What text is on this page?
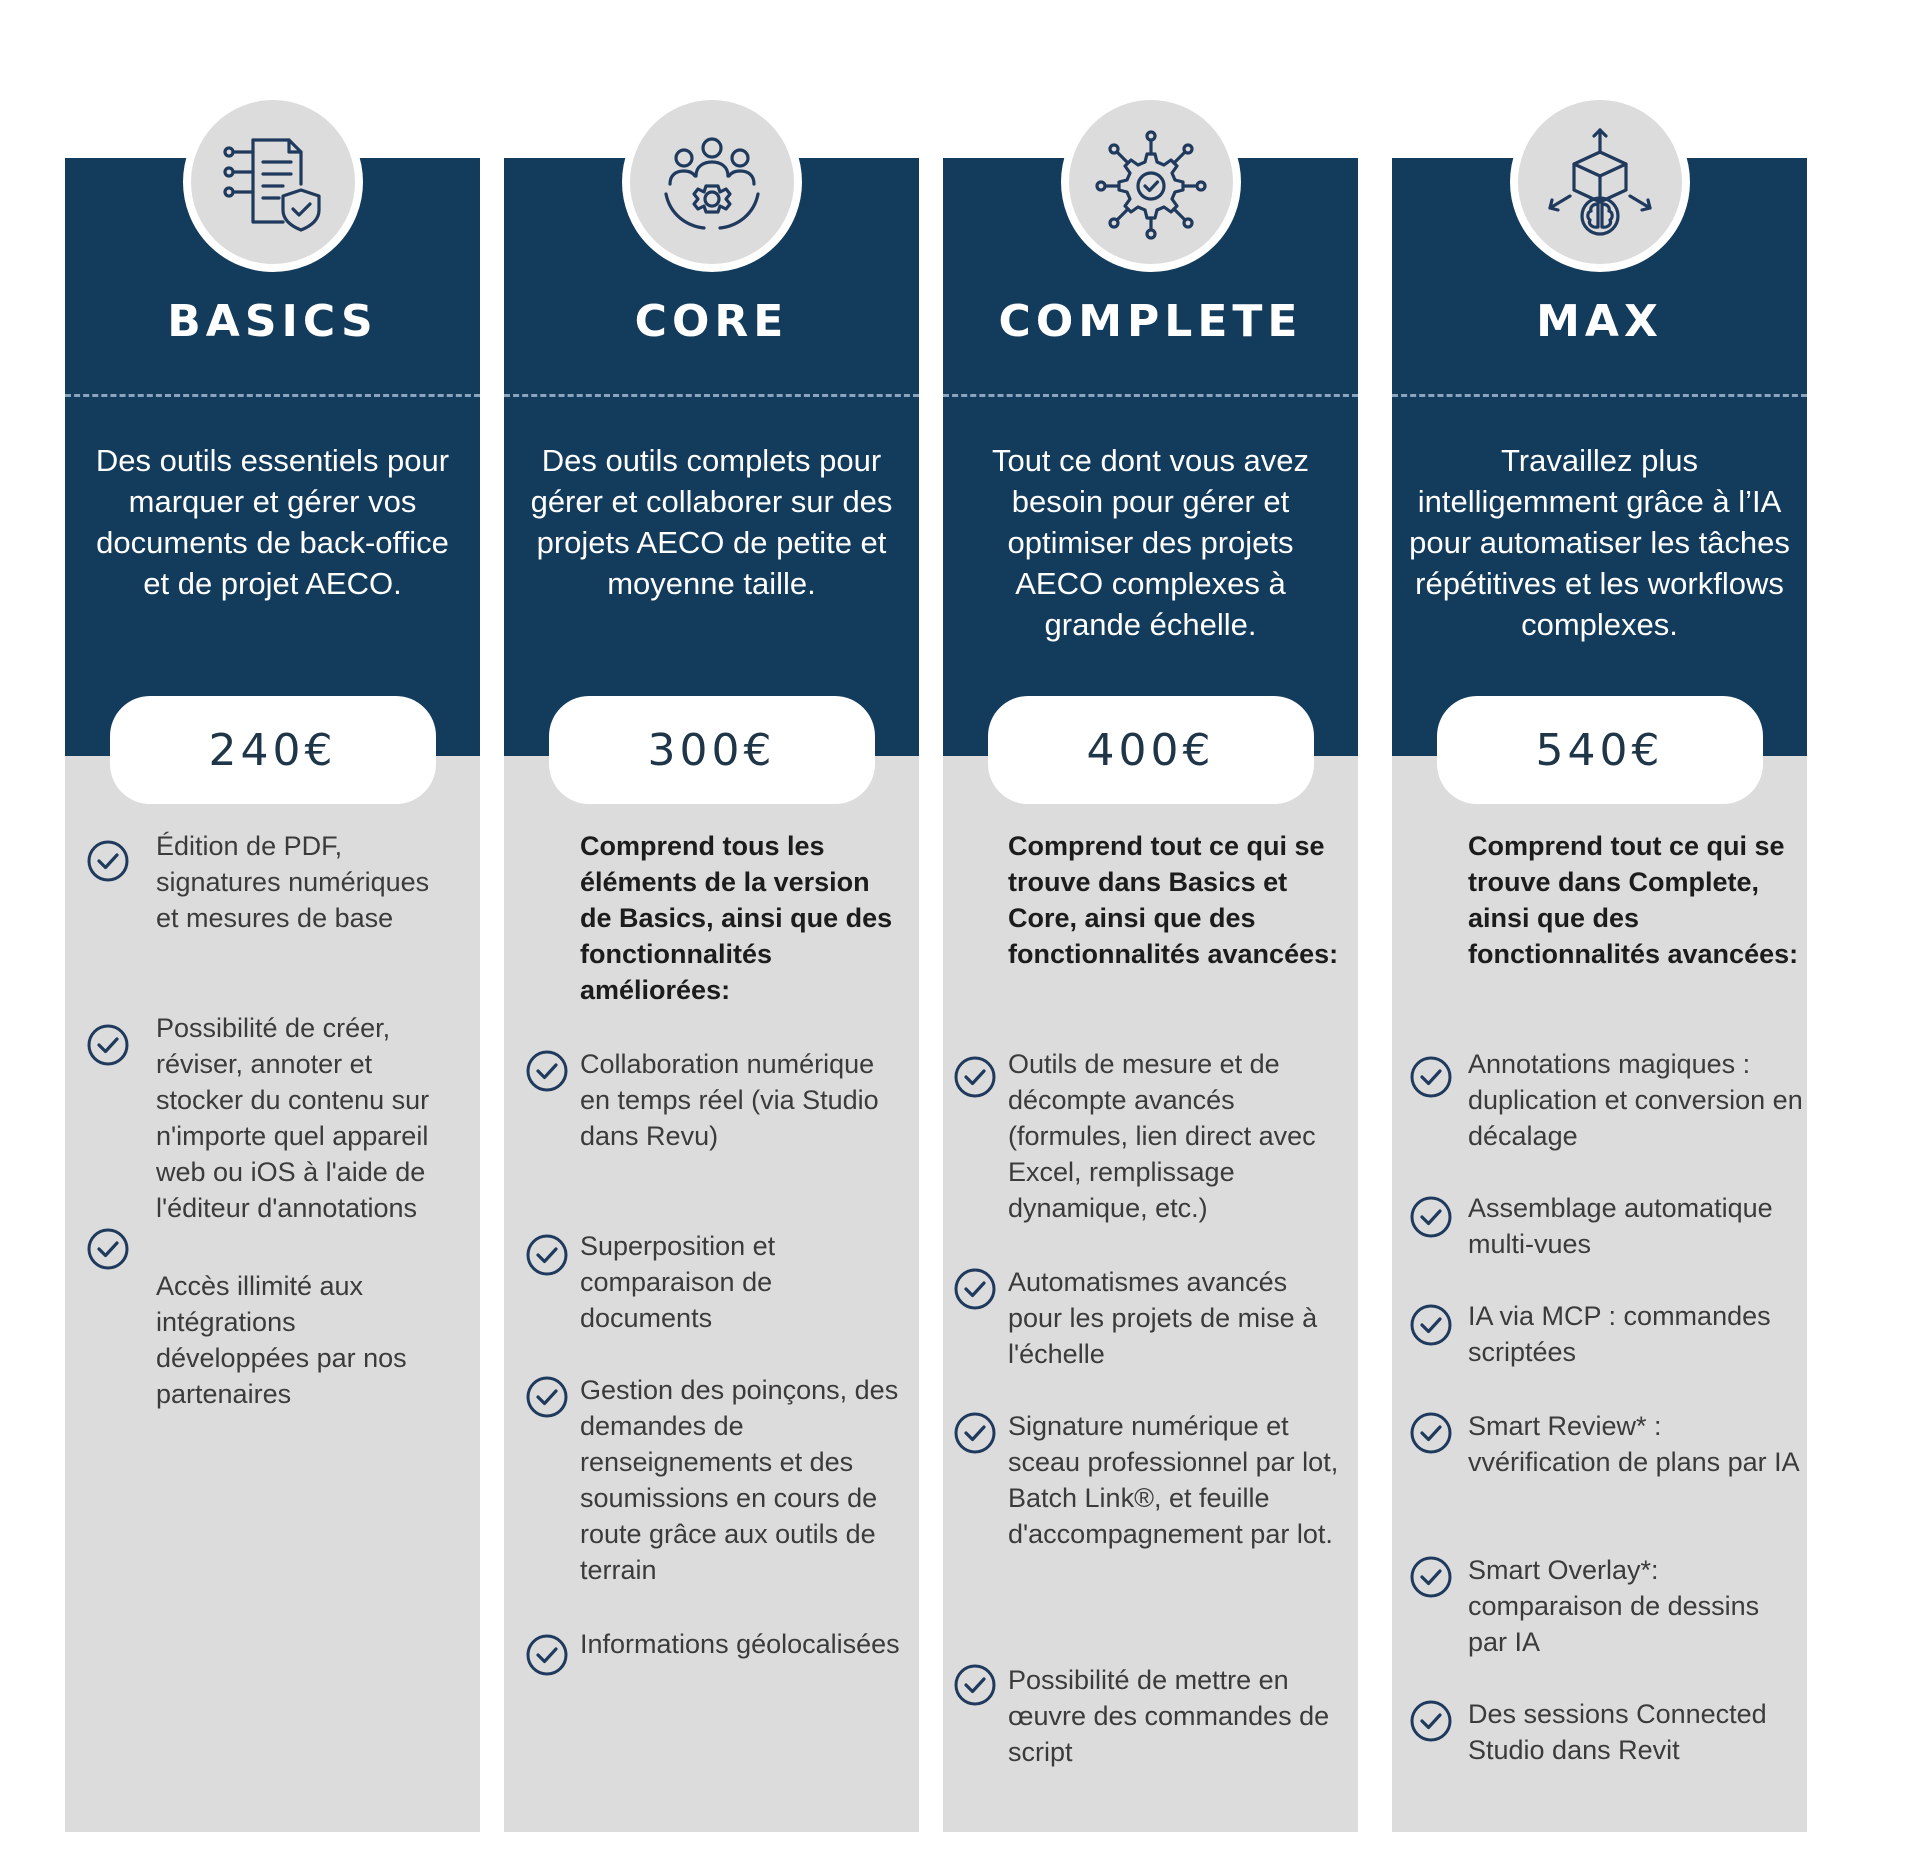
BASICS
Des outils essentiels pour marquer et gérer vos documents de back-office et de projet AECO.
240€
Édition de PDF, signatures numériques et mesures de base
Possibilité de créer, réviser, annoter et stocker du contenu sur n'importe quel appareil web ou iOS à l'aide de l'éditeur d'annotations
Accès illimité aux intégrations développées par nos partenaires
CORE
Des outils complets pour gérer et collaborer sur des projets AECO de petite et moyenne taille.
300€
Comprend tous les éléments de la version de Basics, ainsi que des fonctionnalités améliorées:
Collaboration numérique en temps réel (via Studio dans Revu)
Superposition et comparaison de documents
Gestion des poinçons, des demandes de renseignements et des soumissions en cours de route grâce aux outils de terrain
Informations géolocalisées
COMPLETE
Tout ce dont vous avez besoin pour gérer et optimiser des projets AECO complexes à grande échelle.
400€
Comprend tout ce qui se trouve dans Basics et Core, ainsi que des fonctionnalités avancées:
Outils de mesure et de décompte avancés (formules, lien direct avec Excel, remplissage dynamique, etc.)
Automatismes avancés pour les projets de mise à l'échelle
Signature numérique et sceau professionnel par lot, Batch Link®, et feuille d'accompagnement par lot.
Possibilité de mettre en œuvre des commandes de script
MAX
Travaillez plus intelligemment grâce à l’IA pour automatiser les tâches répétitives et les workflows complexes.
540€
Comprend tout ce qui se trouve dans Complete, ainsi que des fonctionnalités avancées:
Annotations magiques : duplication et conversion en décalage
Assemblage automatique multi-vues
IA via MCP : commandes scriptées
Smart Review* : vvérification de plans par IA
Smart Overlay*: comparaison de dessins par IA
Des sessions Connected Studio dans Revit
